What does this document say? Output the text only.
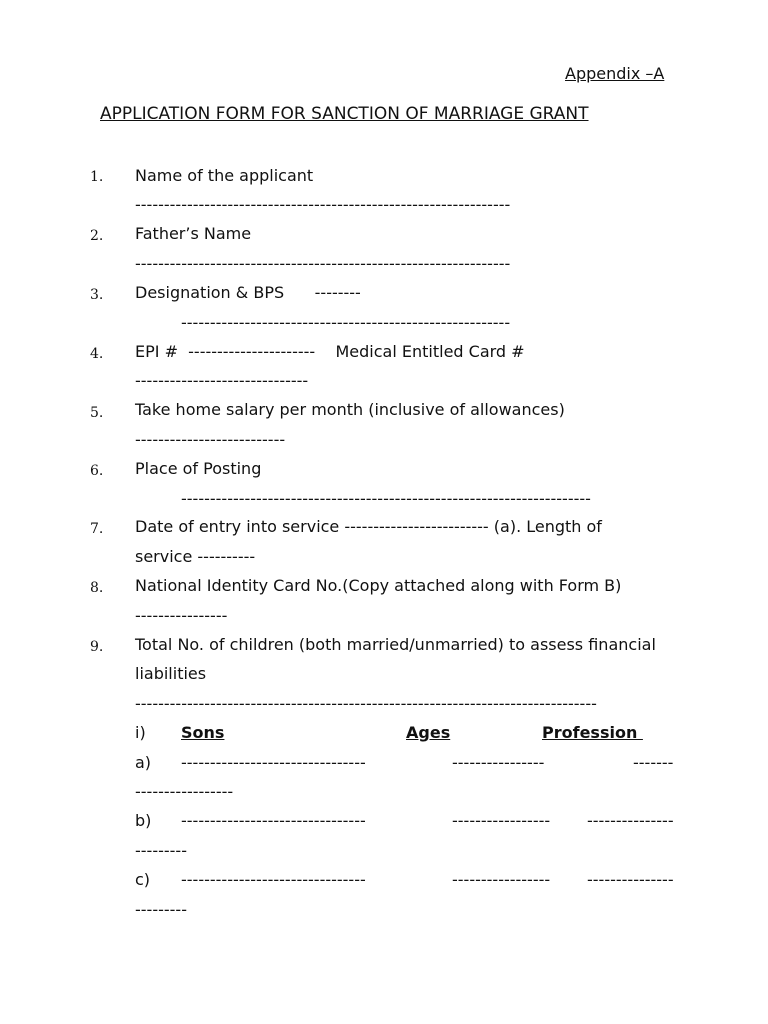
Appendix –A
APPLICATION FORM FOR SANCTION OF MARRIAGE GRANT
1. Name of the applicant
-----------------------------------------------------------------
2. Father’s Name
-----------------------------------------------------------------
3. Designation & BPS      --------
---------------------------------------------------------
4. EPI #  ----------------------    Medical Entitled Card #
------------------------------
5. Take home salary per month (inclusive of allowances)
--------------------------
6. Place of Posting
-----------------------------------------------------------------------
7. Date of entry into service ------------------------- (a). Length of
service ----------
8. National Identity Card No.(Copy attached along with Form B)
----------------
9. Total No. of children (both married/unmarried) to assess financial
liabilities
--------------------------------------------------------------------------------
i) Sons	Ages	Profession
a) --------------------------------	----------------	-------
-----------------
b) --------------------------------	----------------- ---------------
---------
c) --------------------------------	----------------- ---------------
---------
